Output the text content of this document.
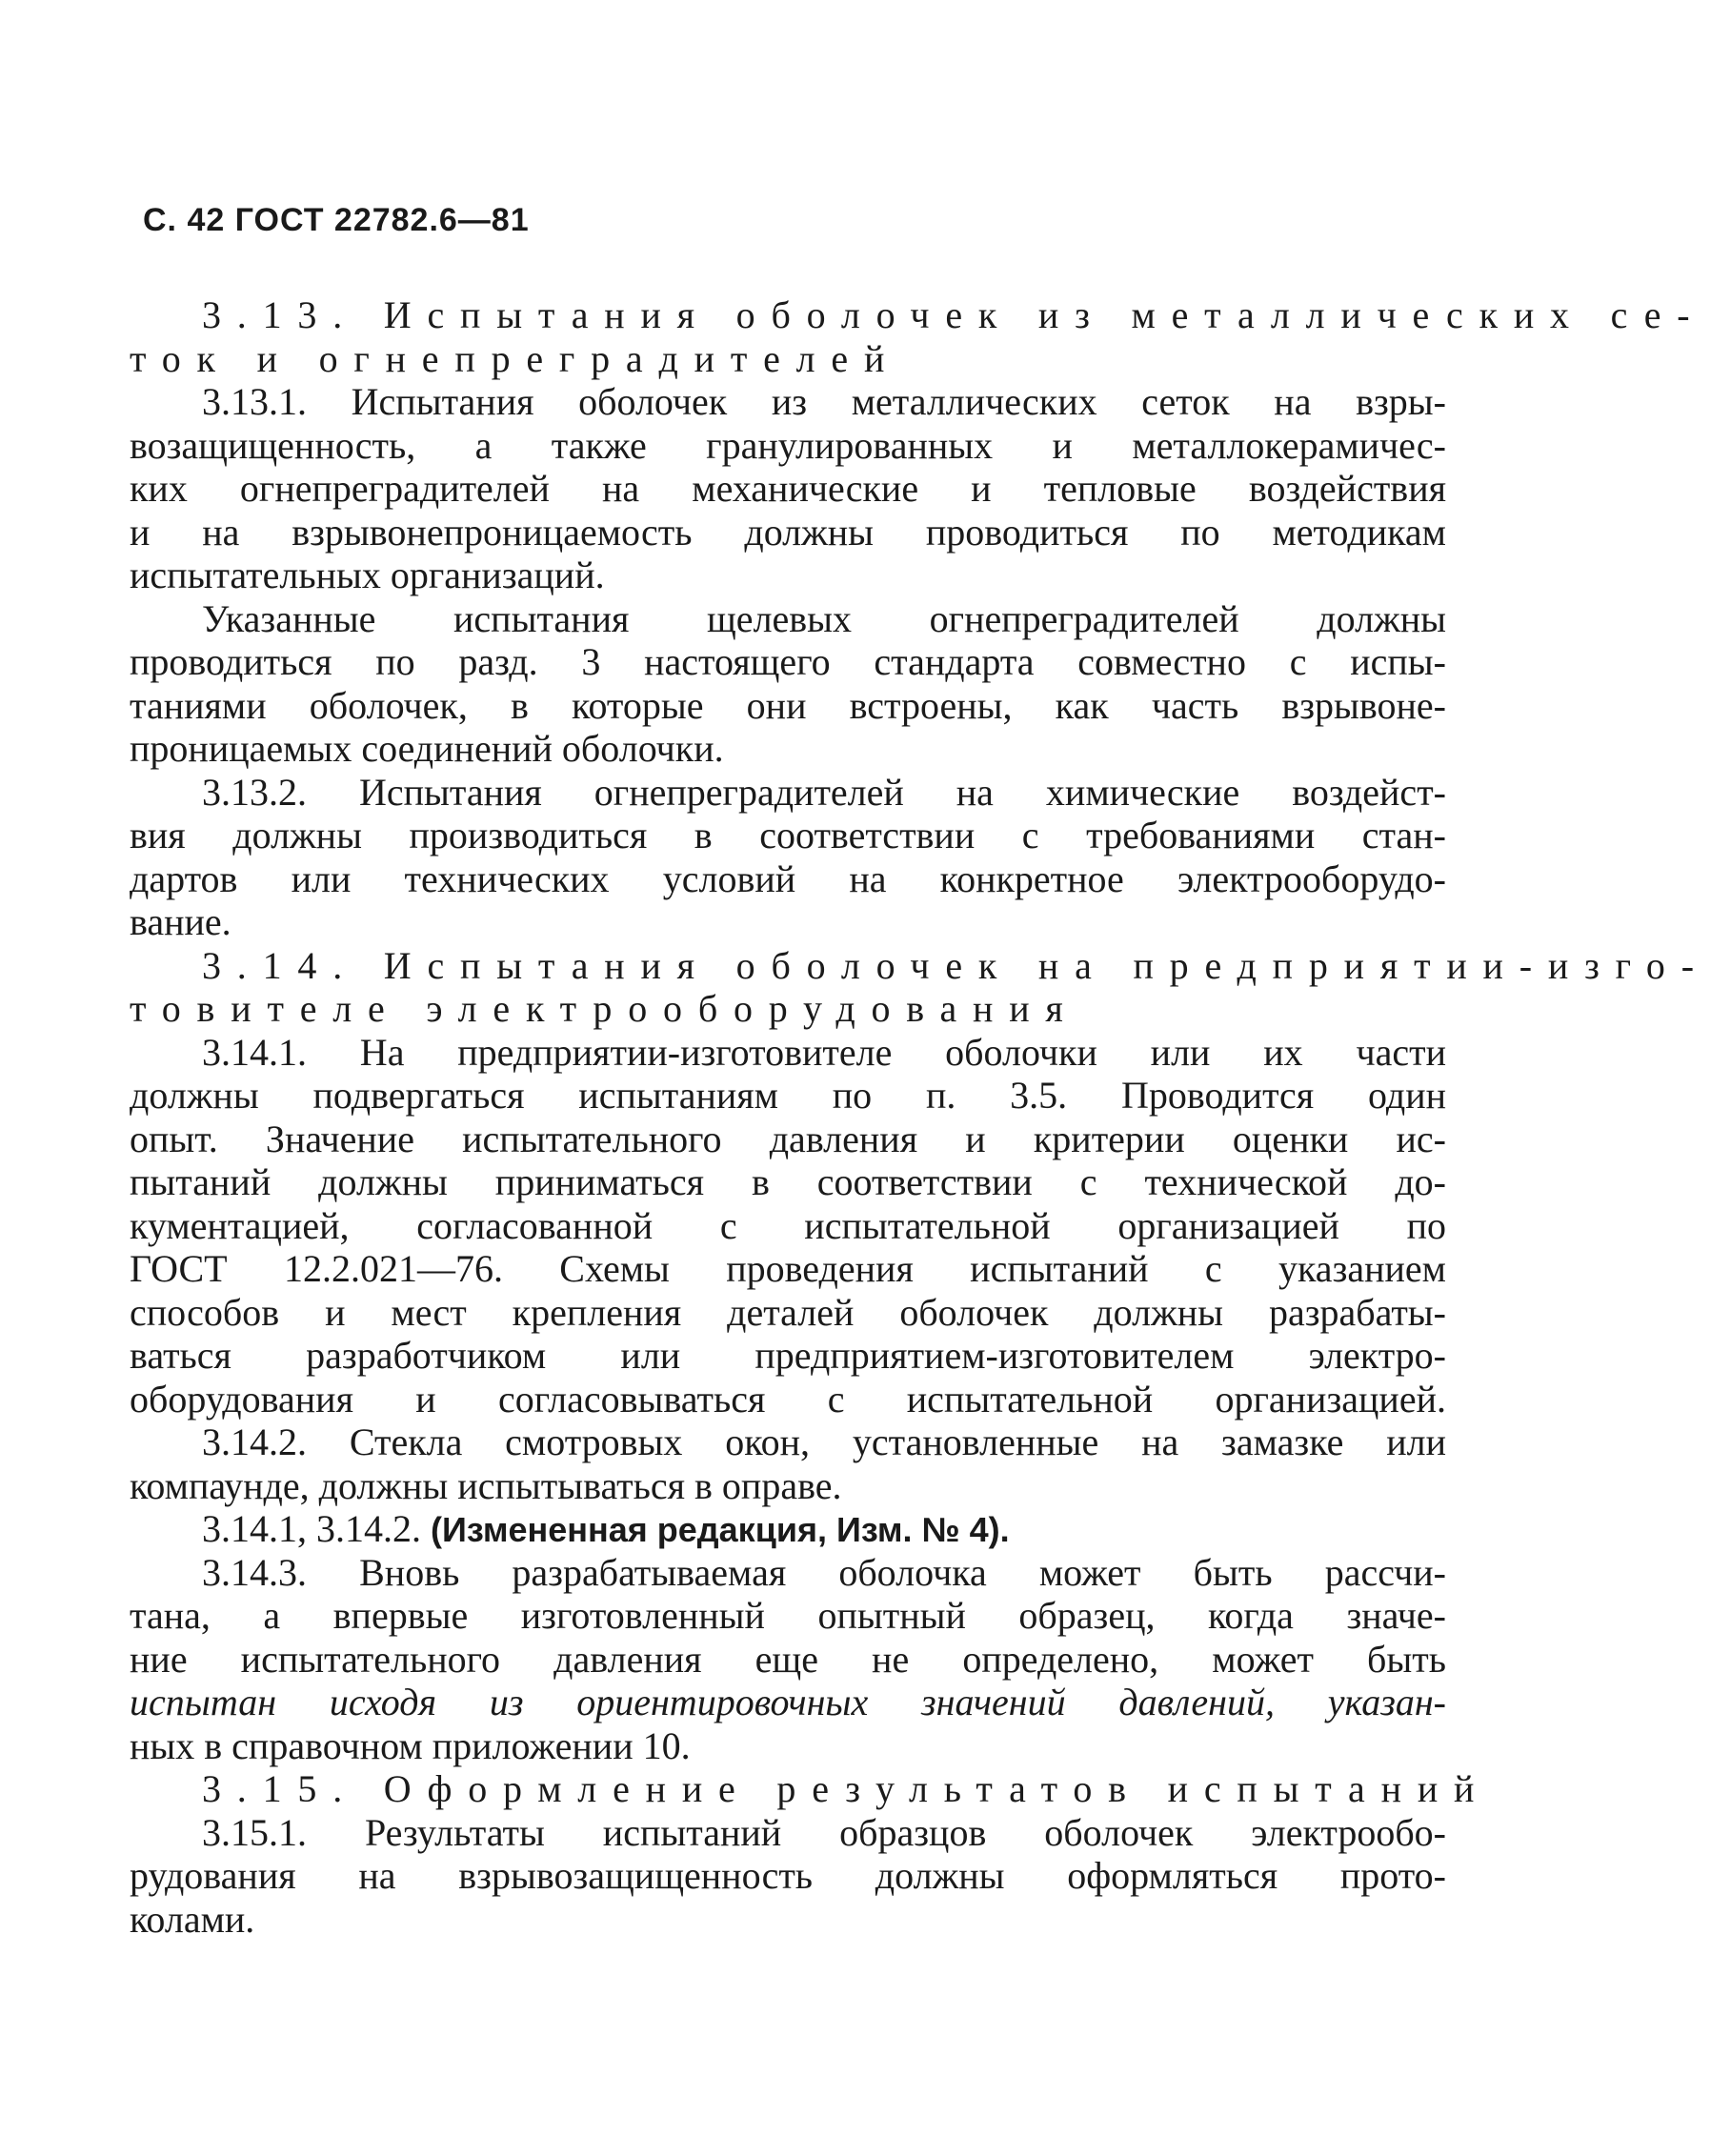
С. 42 ГОСТ 22782.6—81
3.13. Испытания оболочек из металлических се-
ток и огнепреградителей
3.13.1. Испытания оболочек из металлических сеток на взры-
возащищенность, а также гранулированных и металлокерамичес-
ких огнепреградителей на механические и тепловые воздействия
и на взрывонепроницаемость должны проводиться по методикам
испытательных организаций.
Указанные испытания щелевых огнепреградителей должны
проводиться по разд. 3 настоящего стандарта совместно с испы-
таниями оболочек, в которые они встроены, как часть взрывоне-
проницаемых соединений оболочки.
3.13.2. Испытания огнепреградителей на химические воздейст-
вия должны производиться в соответствии с требованиями стан-
дартов или технических условий на конкретное электрооборудо-
вание.
3.14. Испытания оболочек на предприятии-изго-
товителе электрооборудования
3.14.1. На предприятии-изготовителе оболочки или их части
должны подвергаться испытаниям по п. 3.5. Проводится один
опыт. Значение испытательного давления и критерии оценки ис-
пытаний должны приниматься в соответствии с технической до-
кументацией, согласованной с испытательной организацией по
ГОСТ 12.2.021—76. Схемы проведения испытаний с указанием
способов и мест крепления деталей оболочек должны разрабаты-
ваться разработчиком или предприятием-изготовителем электро-
оборудования и согласовываться с испытательной организацией.
3.14.2. Стекла смотровых окон, установленные на замазке или
компаунде, должны испытываться в оправе.
3.14.1, 3.14.2. (Измененная редакция, Изм. № 4).
3.14.3. Вновь разрабатываемая оболочка может быть рассчи-
тана, а впервые изготовленный опытный образец, когда значе-
ние испытательного давления еще не определено, может быть
испытан исходя из ориентировочных значений давлений, указан-
ных в справочном приложении 10.
3.15. Оформление результатов испытаний
3.15.1. Результаты испытаний образцов оболочек электрообо-
рудования на взрывозащищенность должны оформляться прото-
колами.
